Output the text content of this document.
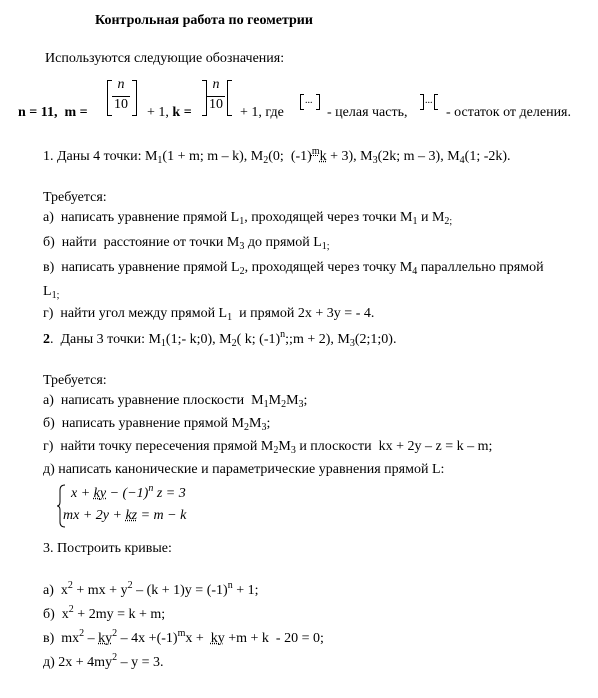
Контрольная работа по геометрии
Используются следующие обозначения:
n = 11,  m =
n
10
+ 1, k =
n
10
+ 1, где
...
- целая часть,
...
- остаток от деления.
1. Даны 4 точки: $M_1(1 + m$; m – k), $M_2(0$;  $(-1)^mk + 3$), $M_3(2k$; m – 3), $M_4(1$; -2k).
Требуется:
а)  написать уравнение прямой $L_1$, проходящей через точки $M_1$ и $M_{2;}$
б)  найти  расстояние от точки $M_3$ до прямой $L_{1;}$
в)  написать уравнение прямой $L_2$, проходящей через точку $M_4$ параллельно прямой
$L_{1;}$
г)  найти угол между прямой $L_1$  и прямой 2x + 3y = - 4.
2.  Даны 3 точки: $M_1(1;-$ k;0), $M_2$( k; $(-1)^n;;m + 2$), $M_3(2;1;0)$.
Требуется:
а)  написать уравнение плоскости  $M_1M_2M_3$;
б)  написать уравнение прямой $M_2M_3$;
г)  найти точку пересечения прямой $M_2M_3$ и плоскости  kx + 2y – z = k – m;
д) написать канонические и параметрические уравнения прямой L:
x + ky − $(-1)^n$ z = 3
mx + 2y + kz = m − k
3. Построить кривые:
а)  $x^2$ + mx + $y^2 - (k + 1)y = (-1)^n + 1$;
б)  $x^2 + 2my = k + m$;
в)  $mx^2 - ky^2 - 4x +(-1)^mx$ +  ky +m + k  - 20 = 0;
д) $2x + 4my^2 - y = 3$.
